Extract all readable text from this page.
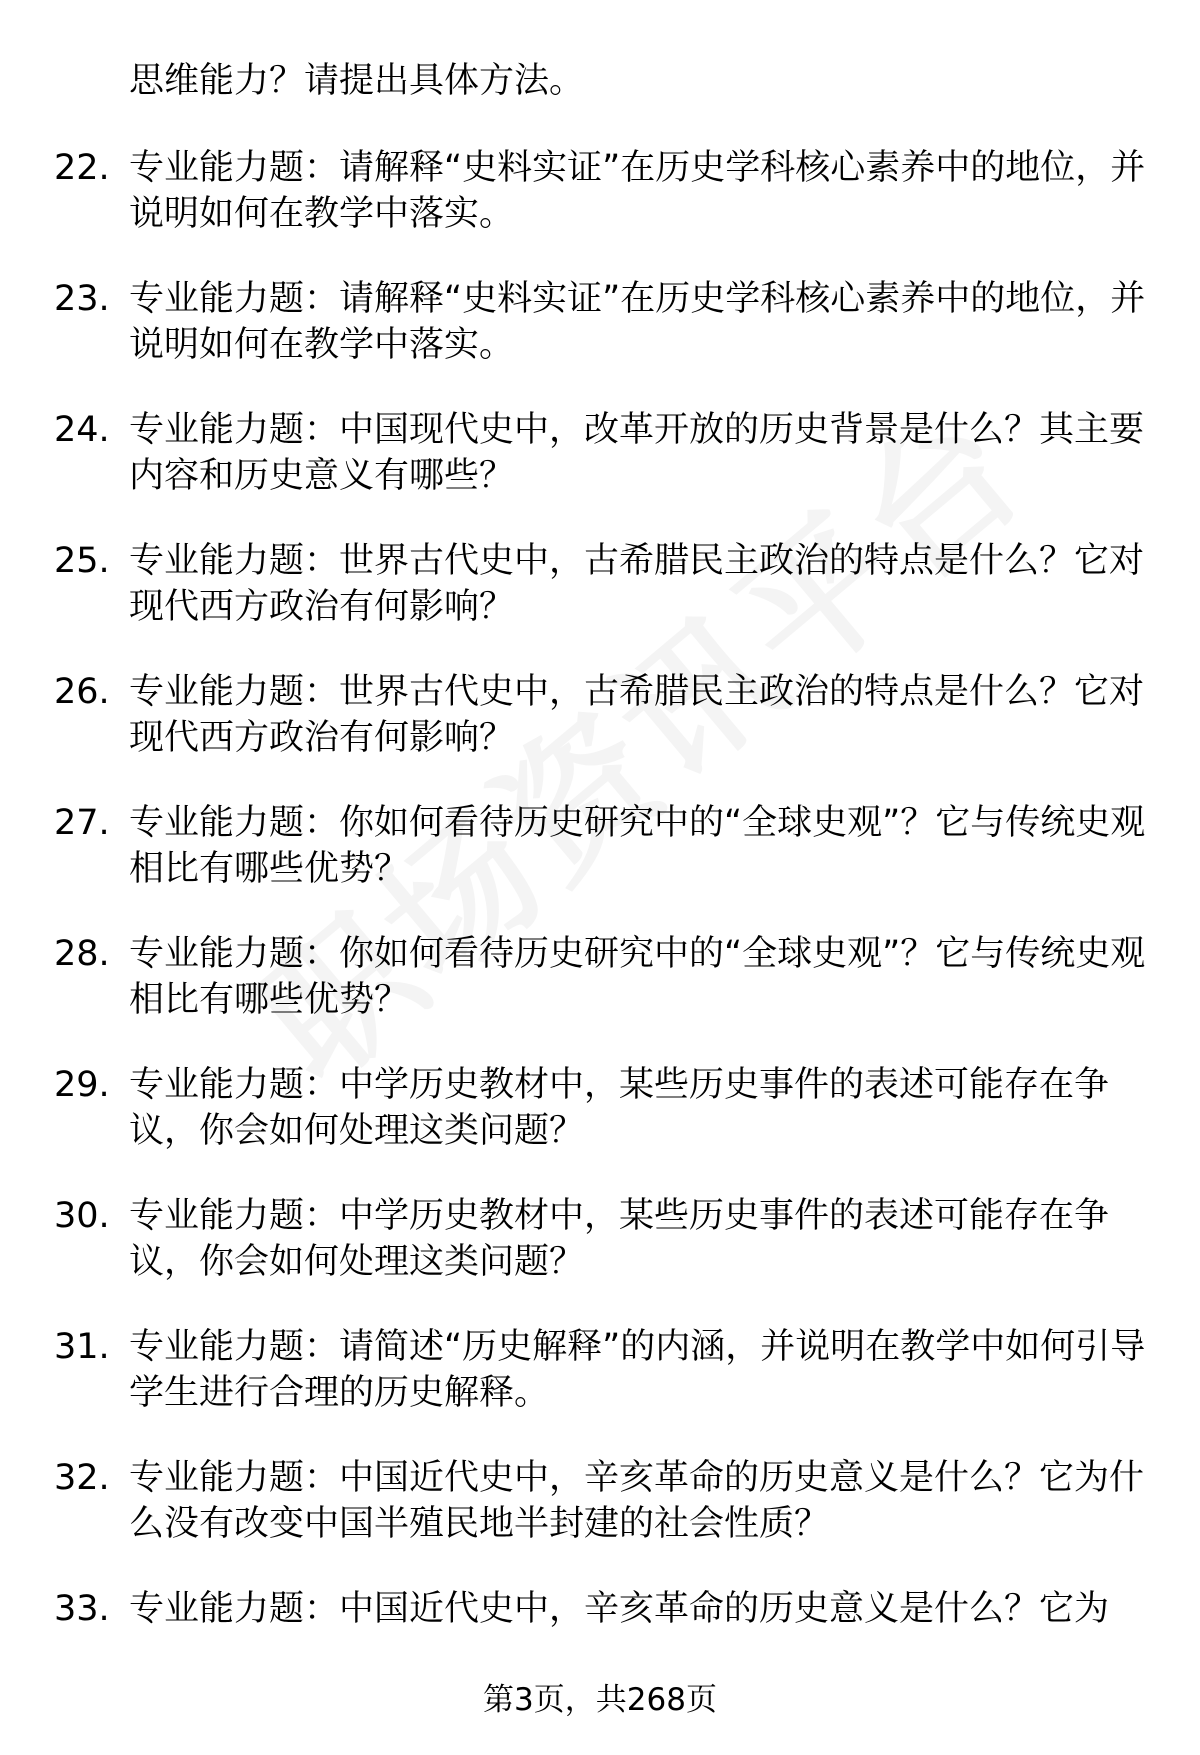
思维能力？请提出具体方法。
22. 专业能力题：请解释“史料实证”在历史学科核心素养中的地位，并说明如何在教学中落实。
23. 专业能力题：请解释“史料实证”在历史学科核心素养中的地位，并说明如何在教学中落实。
24. 专业能力题：中国现代史中，改革开放的历史背景是什么？其主要内容和历史意义有哪些？
25. 专业能力题：世界古代史中，古希腊民主政治的特点是什么？它对现代西方政治有何影响？
26. 专业能力题：世界古代史中，古希腊民主政治的特点是什么？它对现代西方政治有何影响？
27. 专业能力题：你如何看待历史研究中的“全球史观”？它与传统史观相比有哪些优势？
28. 专业能力题：你如何看待历史研究中的“全球史观”？它与传统史观相比有哪些优势？
29. 专业能力题：中学历史教材中，某些历史事件的表述可能存在争议，你会如何处理这类问题？
30. 专业能力题：中学历史教材中，某些历史事件的表述可能存在争议，你会如何处理这类问题？
31. 专业能力题：请简述“历史解释”的内涵，并说明在教学中如何引导学生进行合理的历史解释。
32. 专业能力题：中国近代史中，辛亥革命的历史意义是什么？它为什么没有改变中国半殖民地半封建的社会性质？
33. 专业能力题：中国近代史中，辛亥革命的历史意义是什么？它为
第3页，共268页
